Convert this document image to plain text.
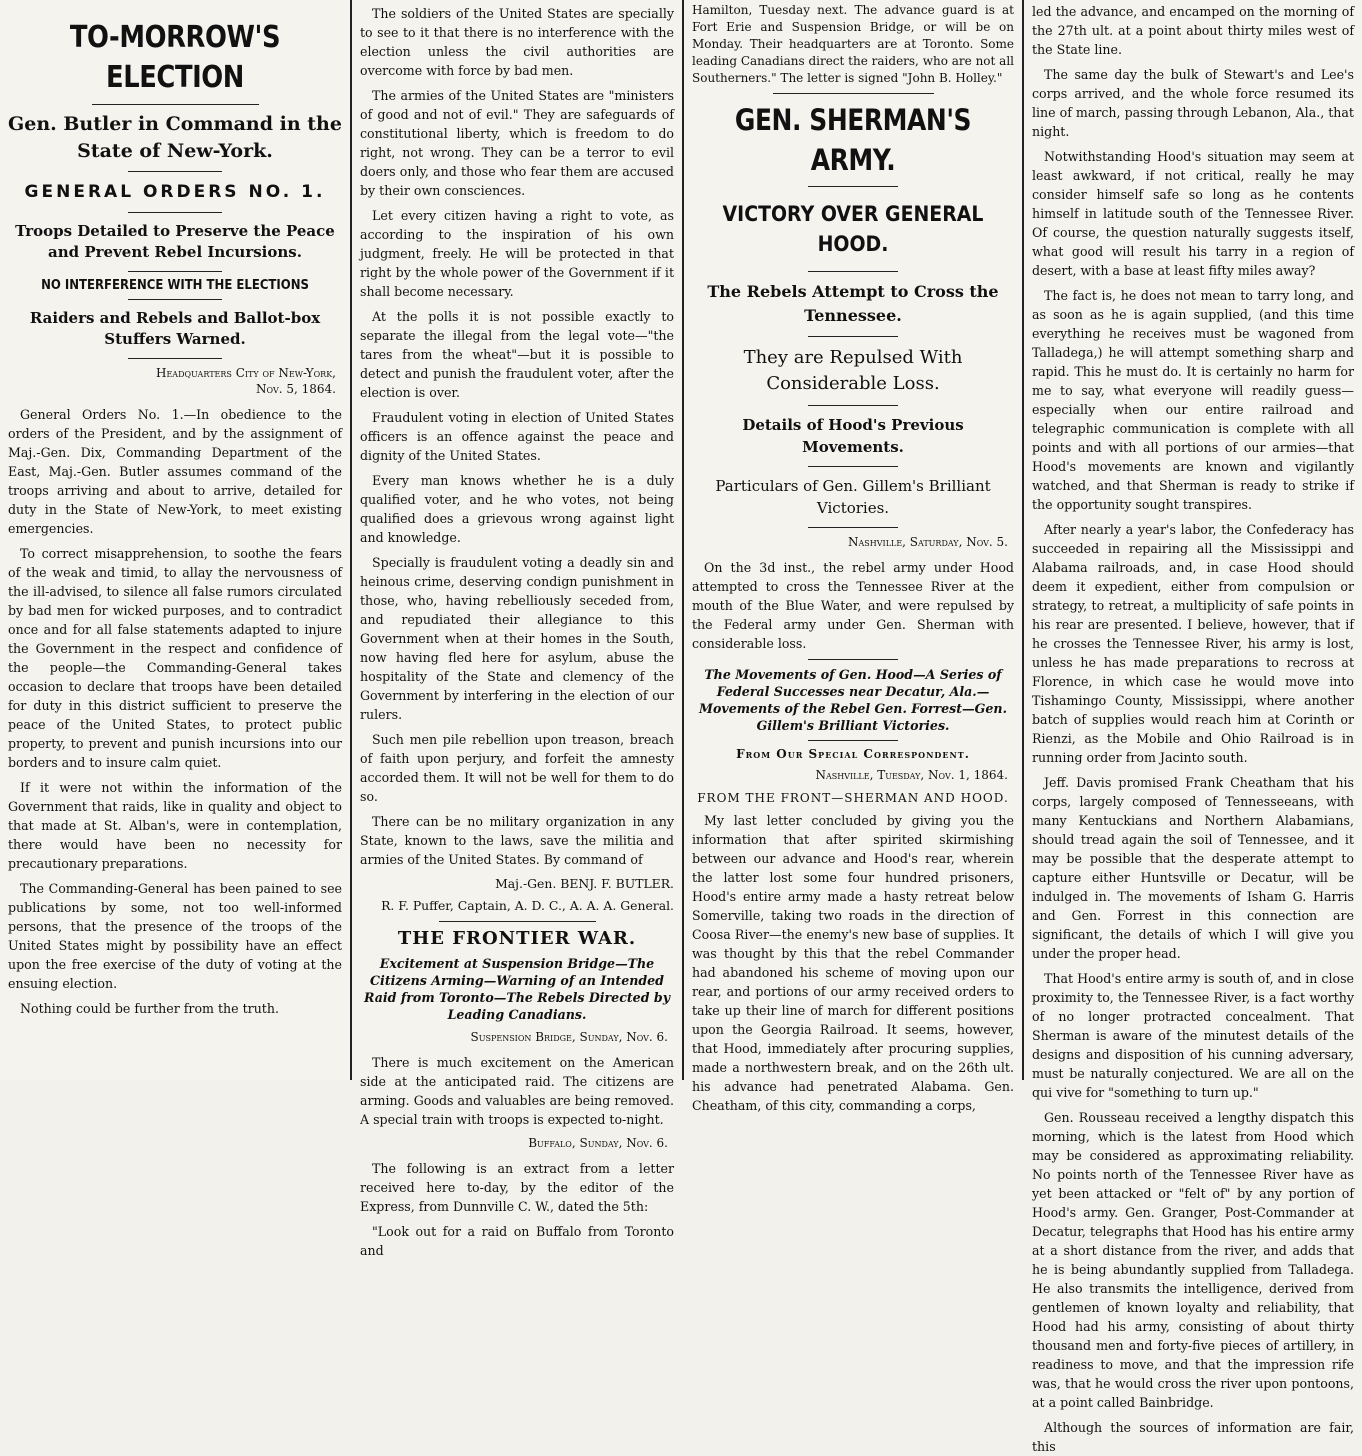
TO-MORROW'S ELECTION
Gen. Butler in Command in the State of New-York.
GENERAL ORDERS NO. 1.
Troops Detailed to Preserve the Peace and Prevent Rebel Incursions.
NO INTERFERENCE WITH THE ELECTIONS
Raiders and Rebels and Ballot-box Stuffers Warned.
Headquarters City of New-York,
Nov. 5, 1864.

General Orders No. 1.—In obedience to the orders of the President, and by the assignment of Maj.-Gen. Dix, Commanding Department of the East, Maj.-Gen. Butler assumes command of the troops arriving and about to arrive, detailed for duty in the State of New-York, to meet existing emergencies.

To correct misapprehension, to soothe the fears of the weak and timid, to allay the nervousness of the ill-advised, to silence all false rumors circulated by bad men for wicked purposes, and to contradict once and for all false statements adapted to injure the Government in the respect and confidence of the people—the Commanding-General takes occasion to declare that troops have been detailed for duty in this district sufficient to preserve the peace of the United States, to protect public property, to prevent and punish incursions into our borders and to insure calm quiet.

If it were not within the information of the Government that raids, like in quality and object to that made at St. Alban's, were in contemplation, there would have been no necessity for precautionary preparations.

The Commanding-General has been pained to see publications by some, not too well-informed persons, that the presence of the troops of the United States might by possibility have an effect upon the free exercise of the duty of voting at the ensuing election.

Nothing could be further from the truth.

The soldiers of the United States are specially to see to it that there is no interference with the election unless the civil authorities are overcome with force by bad men.

The armies of the United States are "ministers of good and not of evil." They are safeguards of constitutional liberty, which is freedom to do right, not wrong. They can be a terror to evil doers only, and those who fear them are accused by their own consciences.

Let every citizen having a right to vote, as according to the inspiration of his own judgment, freely. He will be protected in that right by the whole power of the Government if it shall become necessary.

At the polls it is not possible exactly to separate the illegal from the legal vote—"the tares from the wheat"—but it is possible to detect and punish the fraudulent voter, after the election is over.

Fraudulent voting in election of United States officers is an offence against the peace and dignity of the United States.

Every man knows whether he is a duly qualified voter, and he who votes, not being qualified does a grievous wrong against light and knowledge.

Specially is fraudulent voting a deadly sin and heinous crime, deserving condign punishment in those, who, having rebelliously seceded from, and repudiated their allegiance to this Government when at their homes in the South, now having fled here for asylum, abuse the hospitality of the State and clemency of the Government by interfering in the election of our rulers.

Such men pile rebellion upon treason, breach of faith upon perjury, and forfeit the amnesty accorded them. It will not be well for them to do so.

There can be no military organization in any State, known to the laws, save the militia and armies of the United States. By command of

Maj.-Gen. BENJ. F. BUTLER.
R. F. Puffer, Captain, A. D. C., A. A. A. General.
THE FRONTIER WAR.
Excitement at Suspension Bridge—The Citizens Arming—Warning of an Intended Raid from Toronto—The Rebels Directed by Leading Canadians.
Suspension Bridge, Sunday, Nov. 6.

There is much excitement on the American side at the anticipated raid. The citizens are arming. Goods and valuables are being removed. A special train with troops is expected to-night.

Buffalo, Sunday, Nov. 6.

The following is an extract from a letter received here to-day, by the editor of the Express, from Dunnville C. W., dated the 5th:

"Look out for a raid on Buffalo from Toronto and

Hamilton, Tuesday next. The advance guard is at Fort Erie and Suspension Bridge, or will be on Monday. Their headquarters are at Toronto. Some leading Canadians direct the raiders, who are not all Southerners." The letter is signed "John B. Holley."

GEN. SHERMAN'S ARMY.
VICTORY OVER GENERAL HOOD.
The Rebels Attempt to Cross the Tennessee.
They are Repulsed With Considerable Loss.
Details of Hood's Previous Movements.
Particulars of Gen. Gillem's Brilliant Victories.
Nashville, Saturday, Nov. 5.

On the 3d inst., the rebel army under Hood attempted to cross the Tennessee River at the mouth of the Blue Water, and were repulsed by the Federal army under Gen. Sherman with considerable loss.

The Movements of Gen. Hood—A Series of Federal Successes near Decatur, Ala.—Movements of the Rebel Gen. Forrest—Gen. Gillem's Brilliant Victories.
From Our Special Correspondent.
Nashville, Tuesday, Nov. 1, 1864.
FROM THE FRONT—SHERMAN AND HOOD.

My last letter concluded by giving you the information that after spirited skirmishing between our advance and Hood's rear, wherein the latter lost some four hundred prisoners, Hood's entire army made a hasty retreat below Somerville, taking two roads in the direction of Coosa River—the enemy's new base of supplies. It was thought by this that the rebel Commander had abandoned his scheme of moving upon our rear, and portions of our army received orders to take up their line of march for different positions upon the Georgia Railroad. It seems, however, that Hood, immediately after procuring supplies, made a northwestern break, and on the 26th ult. his advance had penetrated Alabama. Gen. Cheatham, of this city, commanding a corps,

led the advance, and encamped on the morning of the 27th ult. at a point about thirty miles west of the State line.

The same day the bulk of Stewart's and Lee's corps arrived, and the whole force resumed its line of march, passing through Lebanon, Ala., that night.

Notwithstanding Hood's situation may seem at least awkward, if not critical, really he may consider himself safe so long as he contents himself in latitude south of the Tennessee River. Of course, the question naturally suggests itself, what good will result his tarry in a region of desert, with a base at least fifty miles away?

The fact is, he does not mean to tarry long, and as soon as he is again supplied, (and this time everything he receives must be wagoned from Talladega,) he will attempt something sharp and rapid. This he must do. It is certainly no harm for me to say, what everyone will readily guess—especially when our entire railroad and telegraphic communication is complete with all points and with all portions of our armies—that Hood's movements are known and vigilantly watched, and that Sherman is ready to strike if the opportunity sought transpires.

After nearly a year's labor, the Confederacy has succeeded in repairing all the Mississippi and Alabama railroads, and, in case Hood should deem it expedient, either from compulsion or strategy, to retreat, a multiplicity of safe points in his rear are presented. I believe, however, that if he crosses the Tennessee River, his army is lost, unless he has made preparations to recross at Florence, in which case he would move into Tishamingo County, Mississippi, where another batch of supplies would reach him at Corinth or Rienzi, as the Mobile and Ohio Railroad is in running order from Jacinto south.

Jeff. Davis promised Frank Cheatham that his corps, largely composed of Tennesseeans, with many Kentuckians and Northern Alabamians, should tread again the soil of Tennessee, and it may be possible that the desperate attempt to capture either Huntsville or Decatur, will be indulged in. The movements of Isham G. Harris and Gen. Forrest in this connection are significant, the details of which I will give you under the proper head.

That Hood's entire army is south of, and in close proximity to, the Tennessee River, is a fact worthy of no longer protracted concealment. That Sherman is aware of the minutest details of the designs and disposition of his cunning adversary, must be naturally conjectured. We are all on the qui vive for "something to turn up."

Gen. Rousseau received a lengthy dispatch this morning, which is the latest from Hood which may be considered as approximating reliability. No points north of the Tennessee River have as yet been attacked or "felt of" by any portion of Hood's army. Gen. Granger, Post-Commander at Decatur, telegraphs that Hood has his entire army at a short distance from the river, and adds that he is being abundantly supplied from Talladega. He also transmits the intelligence, derived from gentlemen of known loyalty and reliability, that Hood had his army, consisting of about thirty thousand men and forty-five pieces of artillery, in readiness to move, and that the impression rife was, that he would cross the river upon pontoons, at a point called Bainbridge.

Although the sources of information are fair, this
